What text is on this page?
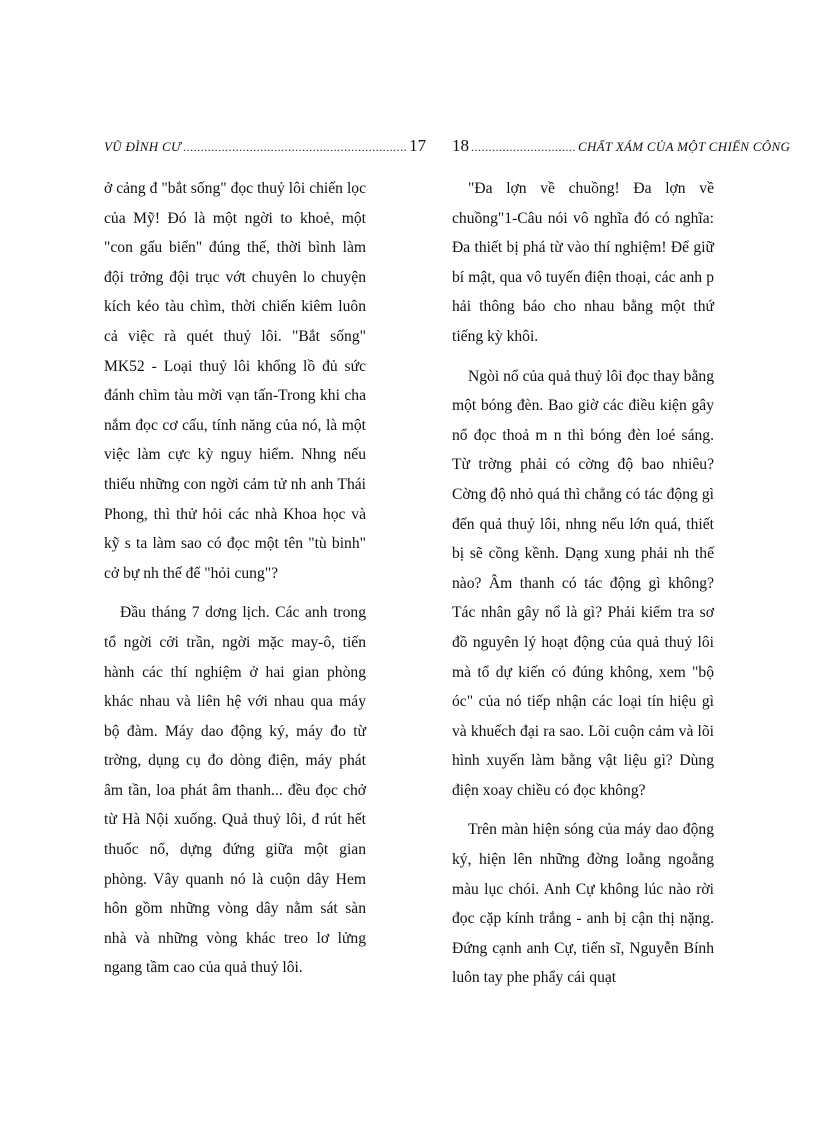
VŨ ĐÌNH CƯ ................................................................ 17

ở cảng đ "bắt sống" đọc thuỷ lôi chiến lọc của Mỹ! Đó là một ngời to khoẻ, một "con gấu biển" đúng thế, thời bình làm đội trởng đội trục vớt chuyên lo chuyện kích kéo tàu chìm, thời chiến kiêm luôn cả việc rà quét thuỷ lôi. "Bắt sống" MK52 - Loại thuỷ lôi khổng lồ đủ sức đánh chìm tàu mời vạn tấn-Trong khi cha nắm đọc cơ cấu, tính năng của nó, là một việc làm cực kỳ nguy hiểm. Nhng nếu thiếu những con ngời cảm tử nh anh Thái Phong, thì thử hỏi các nhà Khoa học và kỹ s ta làm sao có đọc một tên "tù binh" cở bự nh thế để "hỏi cung"?

Đầu tháng 7 dơng lịch. Các anh trong tổ ngời cởi trần, ngời mặc may-ô, tiến hành các thí nghiệm ở hai gian phòng khác nhau và liên hệ với nhau qua máy bộ đàm. Máy dao động ký, máy đo từ trờng, dụng cụ đo dòng điện, máy phát âm tần, loa phát âm thanh... đều đọc chở từ Hà Nội xuống. Quả thuỷ lôi, đ rút hết thuốc nổ, dựng đứng giữa một gian phòng. Vây quanh nó là cuộn dây Hem hôn gồm những vòng dây nằm sát sàn nhà và những vòng khác treo lơ lửng ngang tầm cao của quả thuỷ lôi.

18 .............................. CHẤT XÁM CỦA MỘT CHIẾN CÔNG

"Đa lợn về chuồng! Đa lợn về chuồng"1-Câu nói vô nghĩa đó có nghĩa: Đa thiết bị phá từ vào thí nghiệm! Để giữ bí mật, qua vô tuyến điện thoại, các anh p hải thông báo cho nhau bằng một thứ tiếng kỳ khôi.

Ngòi nổ của quả thuỷ lôi đọc thay bằng một bóng đèn. Bao giờ các điều kiện gây nổ đọc thoả m n thì bóng đèn loé sáng. Từ trờng phải có cờng độ bao nhiêu? Cờng độ nhỏ quá thì chẳng có tác động gì đến quả thuỷ lôi, nhng nếu lớn quá, thiết bị sẽ cồng kềnh. Dạng xung phải nh thế nào? Âm thanh có tác động gì không? Tác nhân gây nổ là gì? Phải kiểm tra sơ đồ nguyên lý hoạt động của quả thuỷ lôi mà tổ dự kiến có đúng không, xem "bộ óc" của nó tiếp nhận các loại tín hiệu gì và khuếch đại ra sao. Lõi cuộn cảm và lõi hình xuyến làm bằng vật liệu gì? Dùng điện xoay chiều có đọc không?

Trên màn hiện sóng của máy dao động ký, hiện lên những đờng loằng ngoằng màu lục chói. Anh Cự không lúc nào rời đọc cặp kính trắng - anh bị cận thị nặng. Đứng cạnh anh Cự, tiến sĩ, Nguyễn Bính luôn tay phe phẩy cái quạt
